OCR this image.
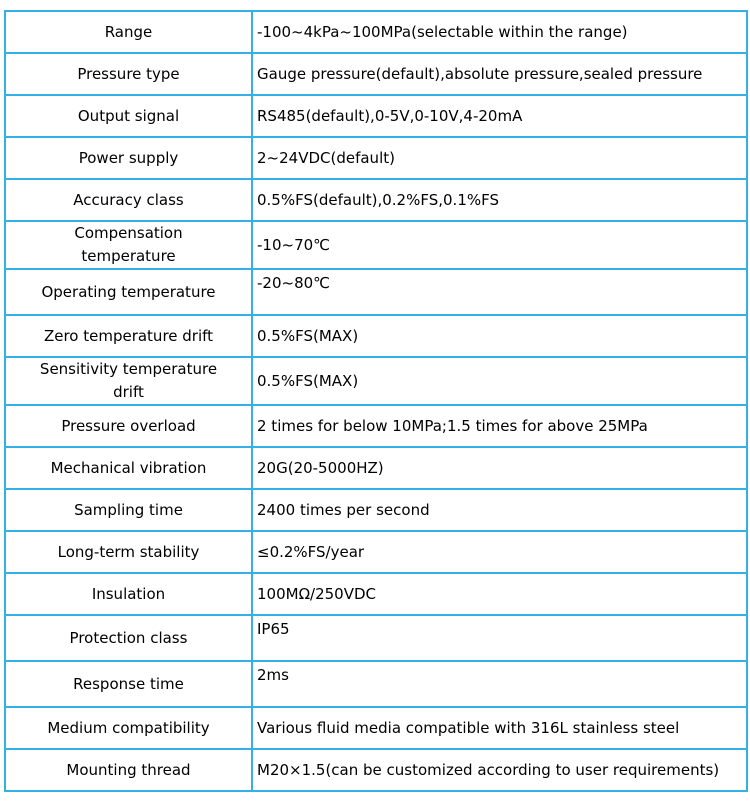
Range	-100~4kPa~100MPa(selectable within the range)
Pressure type	Gauge pressure(default),absolute pressure,sealed pressure
Output signal	RS485(default),0-5V,0-10V,4-20mA
Power supply	2~24VDC(default)
Accuracy class	0.5%FS(default),0.2%FS,0.1%FS
Compensation temperature	-10~70℃
Operating temperature	-20~80℃
Zero temperature drift	0.5%FS(MAX)
Sensitivity temperature drift	0.5%FS(MAX)
Pressure overload	2 times for below 10MPa;1.5 times for above 25MPa
Mechanical vibration	20G(20-5000HZ)
Sampling time	2400 times per second
Long-term stability	≤0.2%FS/year
Insulation	100MΩ/250VDC
Protection class	IP65
Response time	2ms
Medium compatibility	Various fluid media compatible with 316L stainless steel
Mounting thread	M20×1.5(can be customized according to user requirements)
